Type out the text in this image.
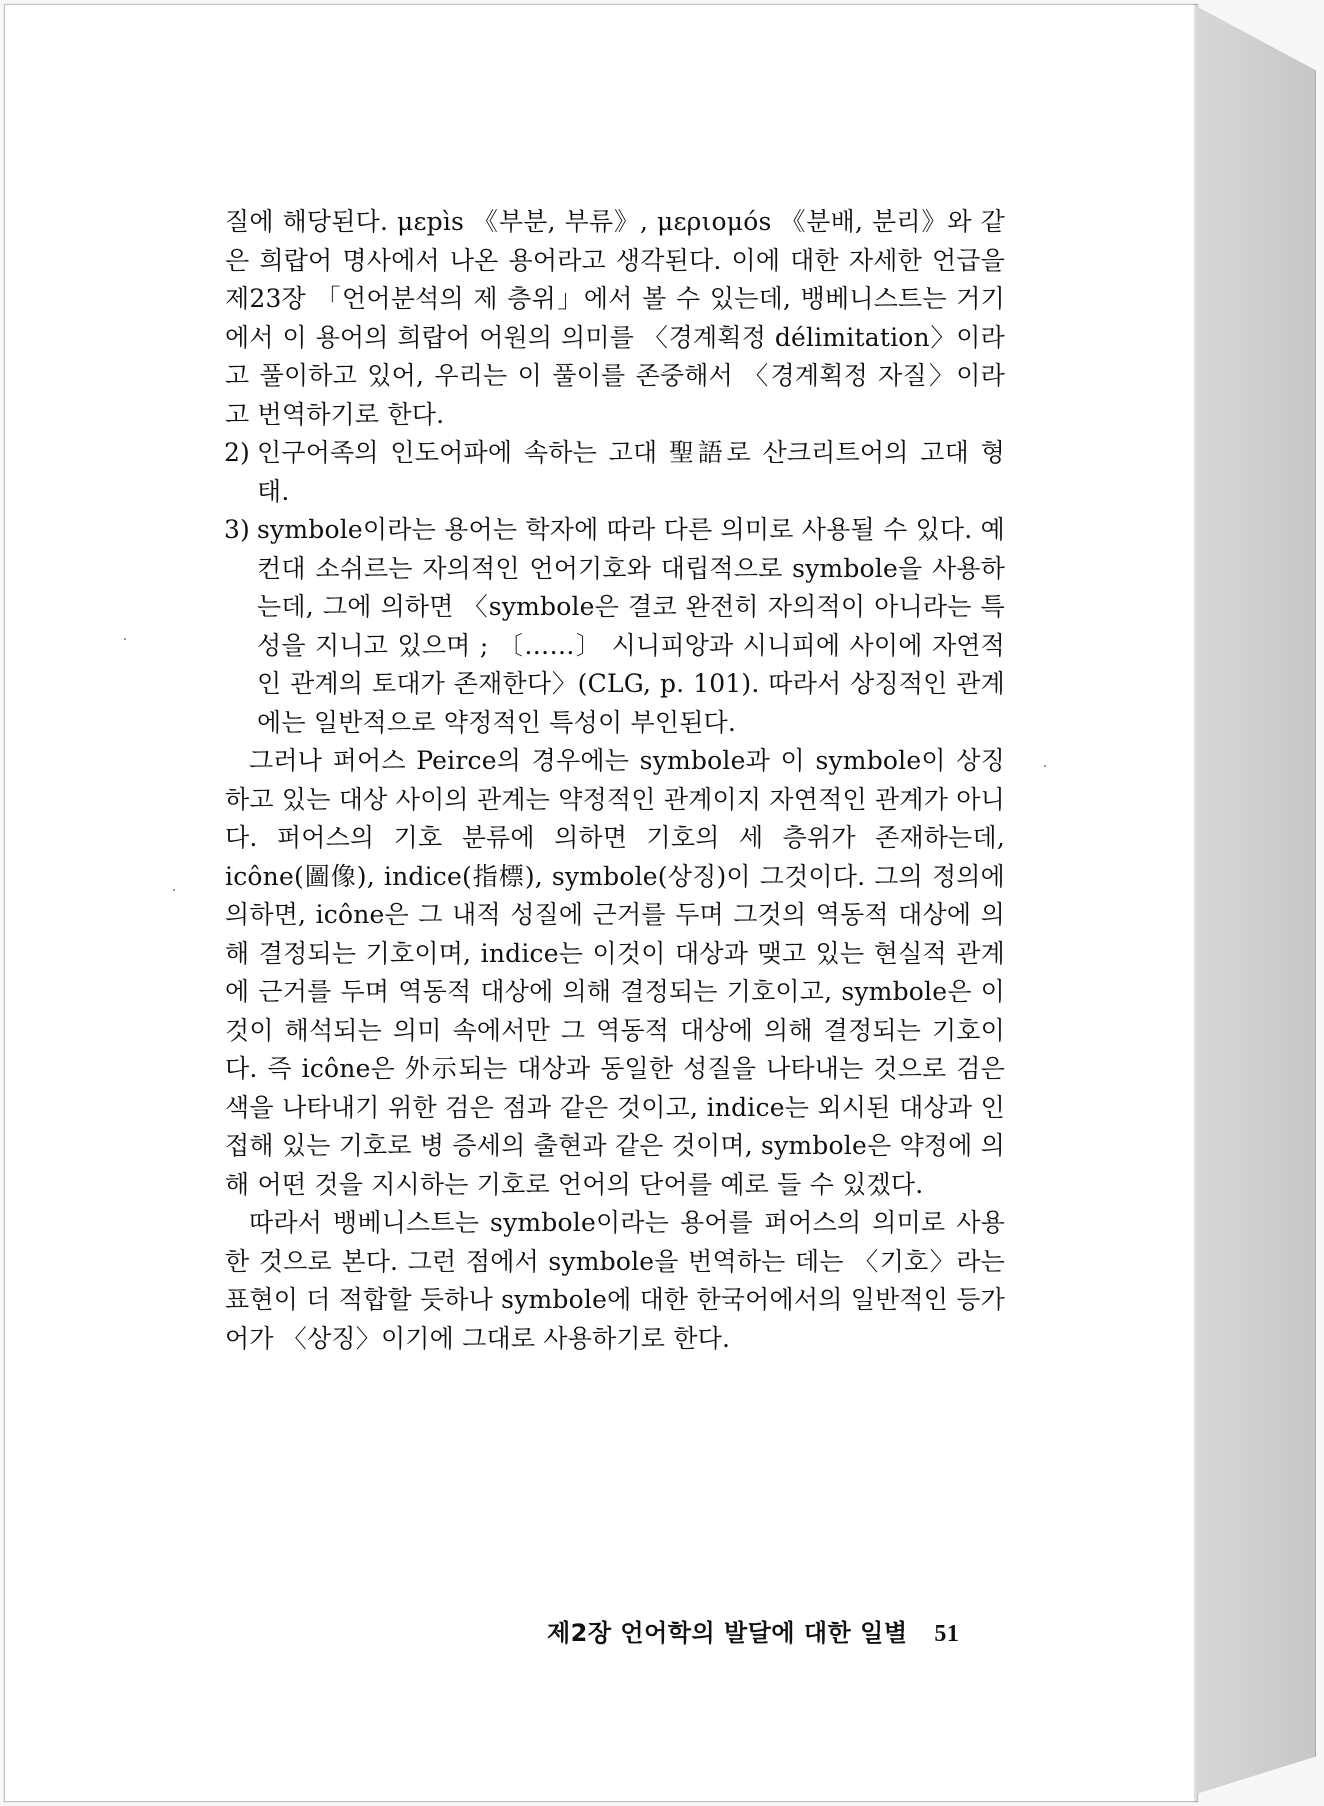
질에 해당된다. μεpìs 《부분, 부류》, μεριoμós 《분배, 분리》와 같은 희랍어 명사에서 나온 용어라고 생각된다. 이에 대한 자세한 언급을 제23장 「언어분석의 제 층위」에서 볼 수 있는데, 뱅베니스트는 거기에서 이 용어의 희랍어 어원의 의미를 〈경계획정 délimitation〉이라고 풀이하고 있어, 우리는 이 풀이를 존중해서 〈경계획정 자질〉이라고 번역하기로 한다.

2) 인구어족의 인도어파에 속하는 고대 聖語로 산크리트어의 고대 형태.

3) symbole이라는 용어는 학자에 따라 다른 의미로 사용될 수 있다. 예컨대 소쉬르는 자의적인 언어기호와 대립적으로 symbole을 사용하는데, 그에 의하면 〈symbole은 결코 완전히 자의적이 아니라는 특성을 지니고 있으며 ; 〔……〕 시니피앙과 시니피에 사이에 자연적인 관계의 토대가 존재한다〉(CLG, p. 101). 따라서 상징적인 관계에는 일반적으로 약정적인 특성이 부인된다.

그러나 퍼어스 Peirce의 경우에는 symbole과 이 symbole이 상징하고 있는 대상 사이의 관계는 약정적인 관계이지 자연적인 관계가 아니다. 퍼어스의 기호 분류에 의하면 기호의 세 층위가 존재하는데, icône(圖像), indice(指標), symbole(상징)이 그것이다. 그의 정의에 의하면, icône은 그 내적 성질에 근거를 두며 그것의 역동적 대상에 의해 결정되는 기호이며, indice는 이것이 대상과 맺고 있는 현실적 관계에 근거를 두며 역동적 대상에 의해 결정되는 기호이고, symbole은 이것이 해석되는 의미 속에서만 그 역동적 대상에 의해 결정되는 기호이다. 즉 icône은 外示되는 대상과 동일한 성질을 나타내는 것으로 검은 색을 나타내기 위한 검은 점과 같은 것이고, indice는 외시된 대상과 인접해 있는 기호로 병 증세의 출현과 같은 것이며, symbole은 약정에 의해 어떤 것을 지시하는 기호로 언어의 단어를 예로 들 수 있겠다.

따라서 뱅베니스트는 symbole이라는 용어를 퍼어스의 의미로 사용한 것으로 본다. 그런 점에서 symbole을 번역하는 데는 〈기호〉라는 표현이 더 적합할 듯하나 symbole에 대한 한국어에서의 일반적인 등가어가 〈상징〉이기에 그대로 사용하기로 한다.

제2장 언어학의 발달에 대한 일별 51
